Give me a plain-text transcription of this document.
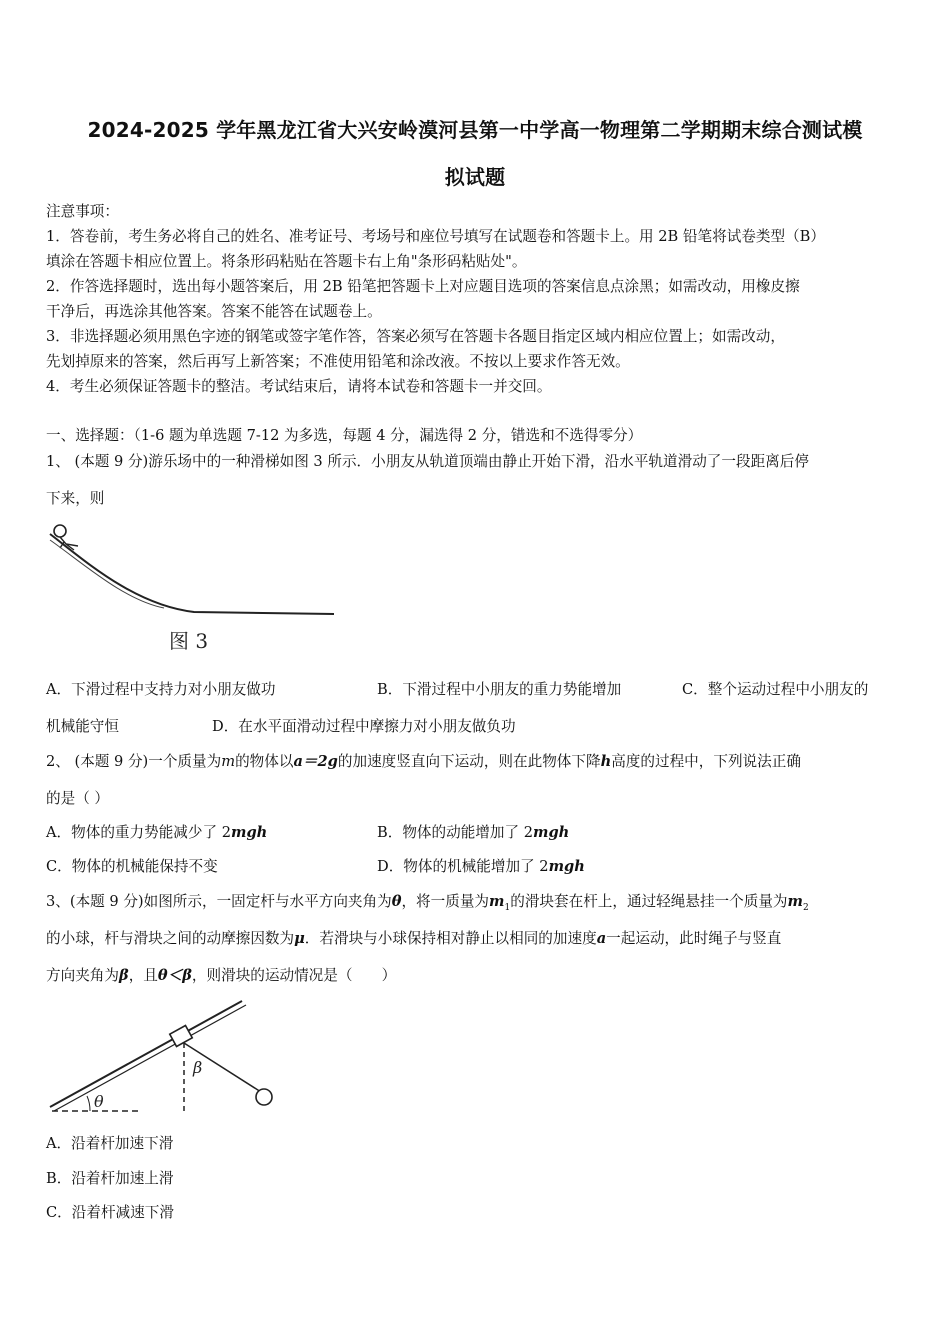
2024-2025 学年黑龙江省大兴安岭漠河县第一中学高一物理第二学期期末综合测试模
拟试题
注意事项：
1．答卷前，考生务必将自己的姓名、准考证号、考场号和座位号填写在试题卷和答题卡上。用 2B 铅笔将试卷类型（B）
填涂在答题卡相应位置上。将条形码粘贴在答题卡右上角"条形码粘贴处"。
2．作答选择题时，选出每小题答案后，用 2B 铅笔把答题卡上对应题目选项的答案信息点涂黑；如需改动，用橡皮擦
干净后，再选涂其他答案。答案不能答在试题卷上。
3．非选择题必须用黑色字迹的钢笔或签字笔作答，答案必须写在答题卡各题目指定区域内相应位置上；如需改动，
先划掉原来的答案，然后再写上新答案；不准使用铅笔和涂改液。不按以上要求作答无效。
4．考生必须保证答题卡的整洁。考试结束后，请将本试卷和答题卡一并交回。
一、选择题：（1-6 题为单选题 7-12 为多选，每题 4 分，漏选得 2 分，错选和不选得零分）
1、 (本题 9 分)游乐场中的一种滑梯如图 3 所示．小朋友从轨道顶端由静止开始下滑，沿水平轨道滑动了一段距离后停
下来，则
图 3
A．下滑过程中支持力对小朋友做功	B．下滑过程中小朋友的重力势能增加	C．整个运动过程中小朋友的
机械能守恒	D．在水平面滑动过程中摩擦力对小朋友做负功
2、 (本题 9 分)一个质量为m的物体以a＝2g的加速度竖直向下运动，则在此物体下降h高度的过程中，下列说法正确
的是（ ）
A．物体的重力势能减少了 2mgh	B．物体的动能增加了 2mgh
C．物体的机械能保持不变	D．物体的机械能增加了 2mgh
3、(本题 9 分)如图所示，一固定杆与水平方向夹角为θ，将一质量为$m_1$的滑块套在杆上，通过轻绳悬挂一个质量为$m_2$
的小球，杆与滑块之间的动摩擦因数为μ．若滑块与小球保持相对静止以相同的加速度a一起运动，此时绳子与竖直
方向夹角为β，且θ＜β，则滑块的运动情况是（　　）
θ
β
A．沿着杆加速下滑
B．沿着杆加速上滑
C．沿着杆减速下滑
